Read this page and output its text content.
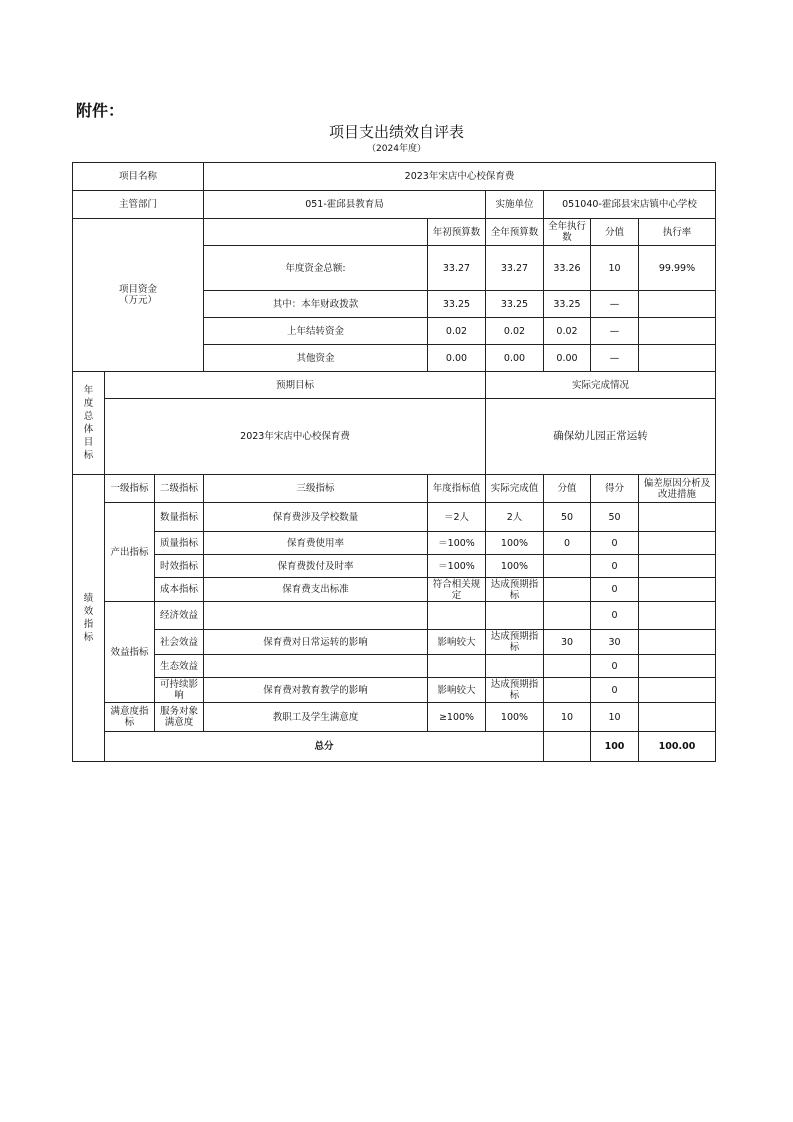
附件：
项目支出绩效自评表
（2024年度）
项目名称			2023年宋店中心校保育费						
主管部门			051-霍邱县教育局		实施单位	051040-霍邱县宋店镇中心学校			
项目资金
（万元）				年初预算数	全年预算数	全年执行数	分值	执行率	
			年度资金总额:	33.27	33.27	33.26	10	99.99%	
			其中：本年财政拨款	33.25	33.25	33.25	—		
			上年结转资金	0.02	0.02	0.02	—		
			其他资金	0.00	0.00	0.00	—		

年度总体目标	预期目标				实际完成情况				
	2023年宋店中心校保育费				确保幼儿园正常运转				

绩效指标	一级指标	二级指标	三级指标	年度指标值	实际完成值	分值	得分	偏差原因分析及改进措施	
	产出指标	数量指标	保育费涉及学校数量	＝2人	2人	50	50		
		质量指标	保育费使用率	＝100%	100%	0	0		
		时效指标	保育费拨付及时率	＝100%	100%		0		
		成本指标	保育费支出标准	符合相关规定	达成预期指标		0		
	效益指标	经济效益					0		
		社会效益	保育费对日常运转的影响	影响较大	达成预期指标	30	30		
		生态效益					0		
		可持续影响	保育费对教育教学的影响	影响较大	达成预期指标		0		
	满意度指标	服务对象满意度	教职工及学生满意度	≥100%	100%	10	10		
	总分						100	100.00	
